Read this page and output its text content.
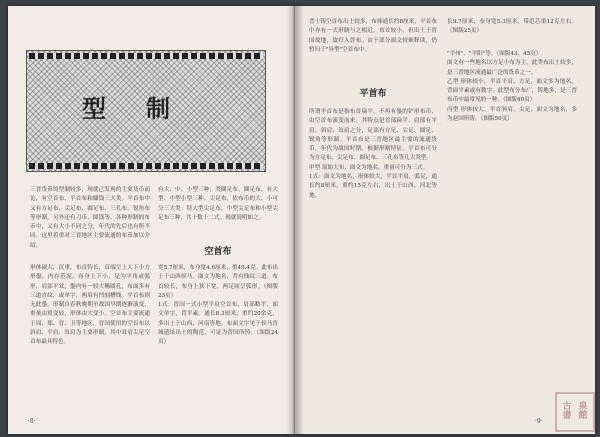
型制
三晋货币的型制较多，现就已发现的主要货币而论，有空首布、平首布和圜钱三大类。平首布中又有方足布、尖足布、圆足布、三孔布、锐角布等形制，另外还有刀币、圆钱等。各种形制的布币中，又有大小不同之分，年代的先后也有所不同。这里着重对三晋地区主要流通的布币加以介绍。
有大、中、小型三种；类圜足布，圜足布，有大型、中型小型三种。尖足布，依布币的大、小可分三大类：特大型尖足布，中型尖足布和小型尖足布三种，共十数十二式。现就说明如之。
空首布
形体硕大，沉重，布首特长，首端呈上大下小方形銎，内存范泥，布身上下小，足为平角或弧形，肩部平耸，銎内有一较大椭圆孔，布面多有三道直纹，或单字，两肩有凹刻槽线。平首布则无此銎。形制自春秋晚期至战国早期逐渐演变，重量由重变轻，形体由大变小。空首布主要流通于周、郑、晋、卫等地区，晋国使用的空首布以斜肩、平肩、耸肩为主要形制，其中耸肩尖足空首布最具特色。
宽5.7厘米，布身宽4.6厘米，重49.4克。此布出土于山西侯马，面文为地名，背有线纹三道。布首较长，布身上狭下宽，两足间呈弧形。（图版23页）
1式：晋国一式小型平肩空首布，肩部略平，面文单字，背平素。通长8.3厘米，重约20余克，多出土于山西、河南等地。布面文字见于侯马晋城遗址出土的陶范，可证为晋国所铸。（图版24页）
·8·
晋土铸空首布出土较多，布体通长约8厘米，平首布中亦有一式形制与之相近，布首较小，但出土于晋国故地，故归入晋布。由于部分面文较难释读，仍暂归于"异型"空首布中。
长9.7厘米，布身宽5.3厘米，带范芯重12克左右。（图版25页）
平首布
所谓平首布是指布首扁平，不再有銎的铲形布币，由空首布演变而来。其特点是首部扁平，肩部有平肩、斜肩、耸肩之分，足部有方足、尖足、圆足、锐角等形制。平首布是三晋地区最主要的流通货币，年代为战国时期。根据形制特征，平首布可分为方足布、尖足布、圆足布、三孔布等几大类型。
甲型 原始大布，面文为地名，重量可分为三式。
1式：面文为地名，形体较大，平首平肩，弧足，通长约8厘米，重约15克左右，出土于山西、河北等地。
"平州"、"平阳"等。（图版43、45页）
面文有一些地名以方足小布为主，此类布出土较多，是三晋地区流通最广泛的货币之一。
乙型 形体较小，平首平肩，方足，面文多为地名，背面平素或有数字。此型布分布广，铸地多，是三晋布币中最常见的一种。（图版40页）
丙型 形体较大，平首斜肩，尖足，面文为地名，多为赵国所铸。（图版50页）
·9·
古 泉
書 館
